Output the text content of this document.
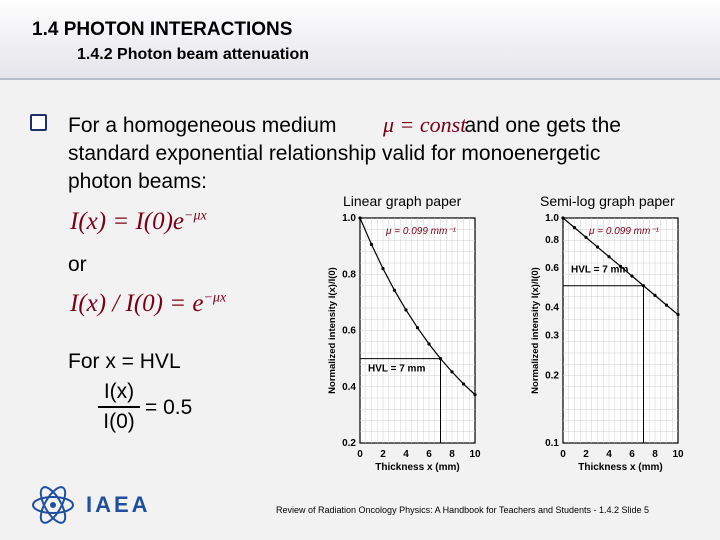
1.4 PHOTON INTERACTIONS
1.4.2 Photon beam attenuation
For a homogeneous medium	and one gets the
standard exponential relationship valid for monoenergetic
photon beams:
μ = const
$I(x) = I(0)e^{-\mu x}$
or
$I(x) / I(0) = e^{-\mu x}$
For x = HVL
I(x)
I(0)
= 0.5
Linear graph paper	Semi-log graph paper
0 2 4 6 8 10
0.2
0.4
0.6
0.8
1.0
Thickness x (mm)
Normalized intensity I(x)/I(0)
μ = 0.099 mm⁻¹
HVL = 7 mm
0 2 4 6 8 10
0.1
0.2
0.3
0.4
0.6
0.8
1.0
Thickness x (mm)
Normalized intensity I(x)/I(0)
μ = 0.099 mm⁻¹
HVL = 7 mm
IAEA	Review of Radiation Oncology Physics: A Handbook for Teachers and Students - 1.4.2 Slide 5
